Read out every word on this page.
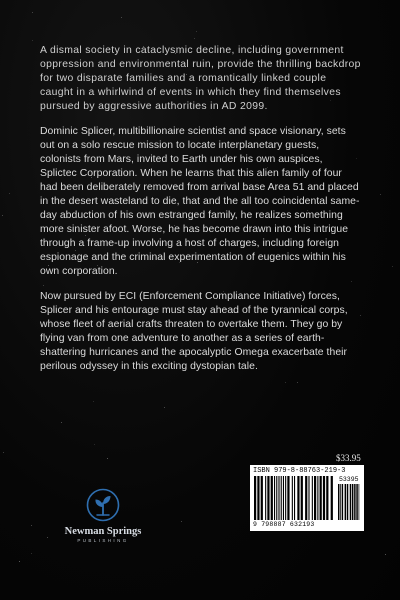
A dismal society in cataclysmic decline, including government oppression and environmental ruin, provide the thrilling backdrop for two disparate families and a romantically linked couple caught in a whirlwind of events in which they find themselves pursued by aggressive authorities in AD 2099.

Dominic Splicer, multibillionaire scientist and space visionary, sets out on a solo rescue mission to locate interplanetary guests, colonists from Mars, invited to Earth under his own auspices, Splictec Corporation. When he learns that this alien family of four had been deliberately removed from arrival base Area 51 and placed in the desert wasteland to die, that and the all too coincidental same-day abduction of his own estranged family, he realizes something more sinister afoot. Worse, he has become drawn into this intrigue through a frame-up involving a host of charges, including foreign espionage and the criminal experimentation of eugenics within his own corporation.

Now pursued by ECI (Enforcement Compliance Initiative) forces, Splicer and his entourage must stay ahead of the tyrannical corps, whose fleet of aerial crafts threaten to overtake them. They go by flying van from one adventure to another as a series of earth-shattering hurricanes and the apocalyptic Omega exacerbate their perilous odyssey in this exciting dystopian tale.

$33.95
ISBN 979-8-88763-219-3
53395
9 798887 632193
Newman Springs
PUBLISHING
